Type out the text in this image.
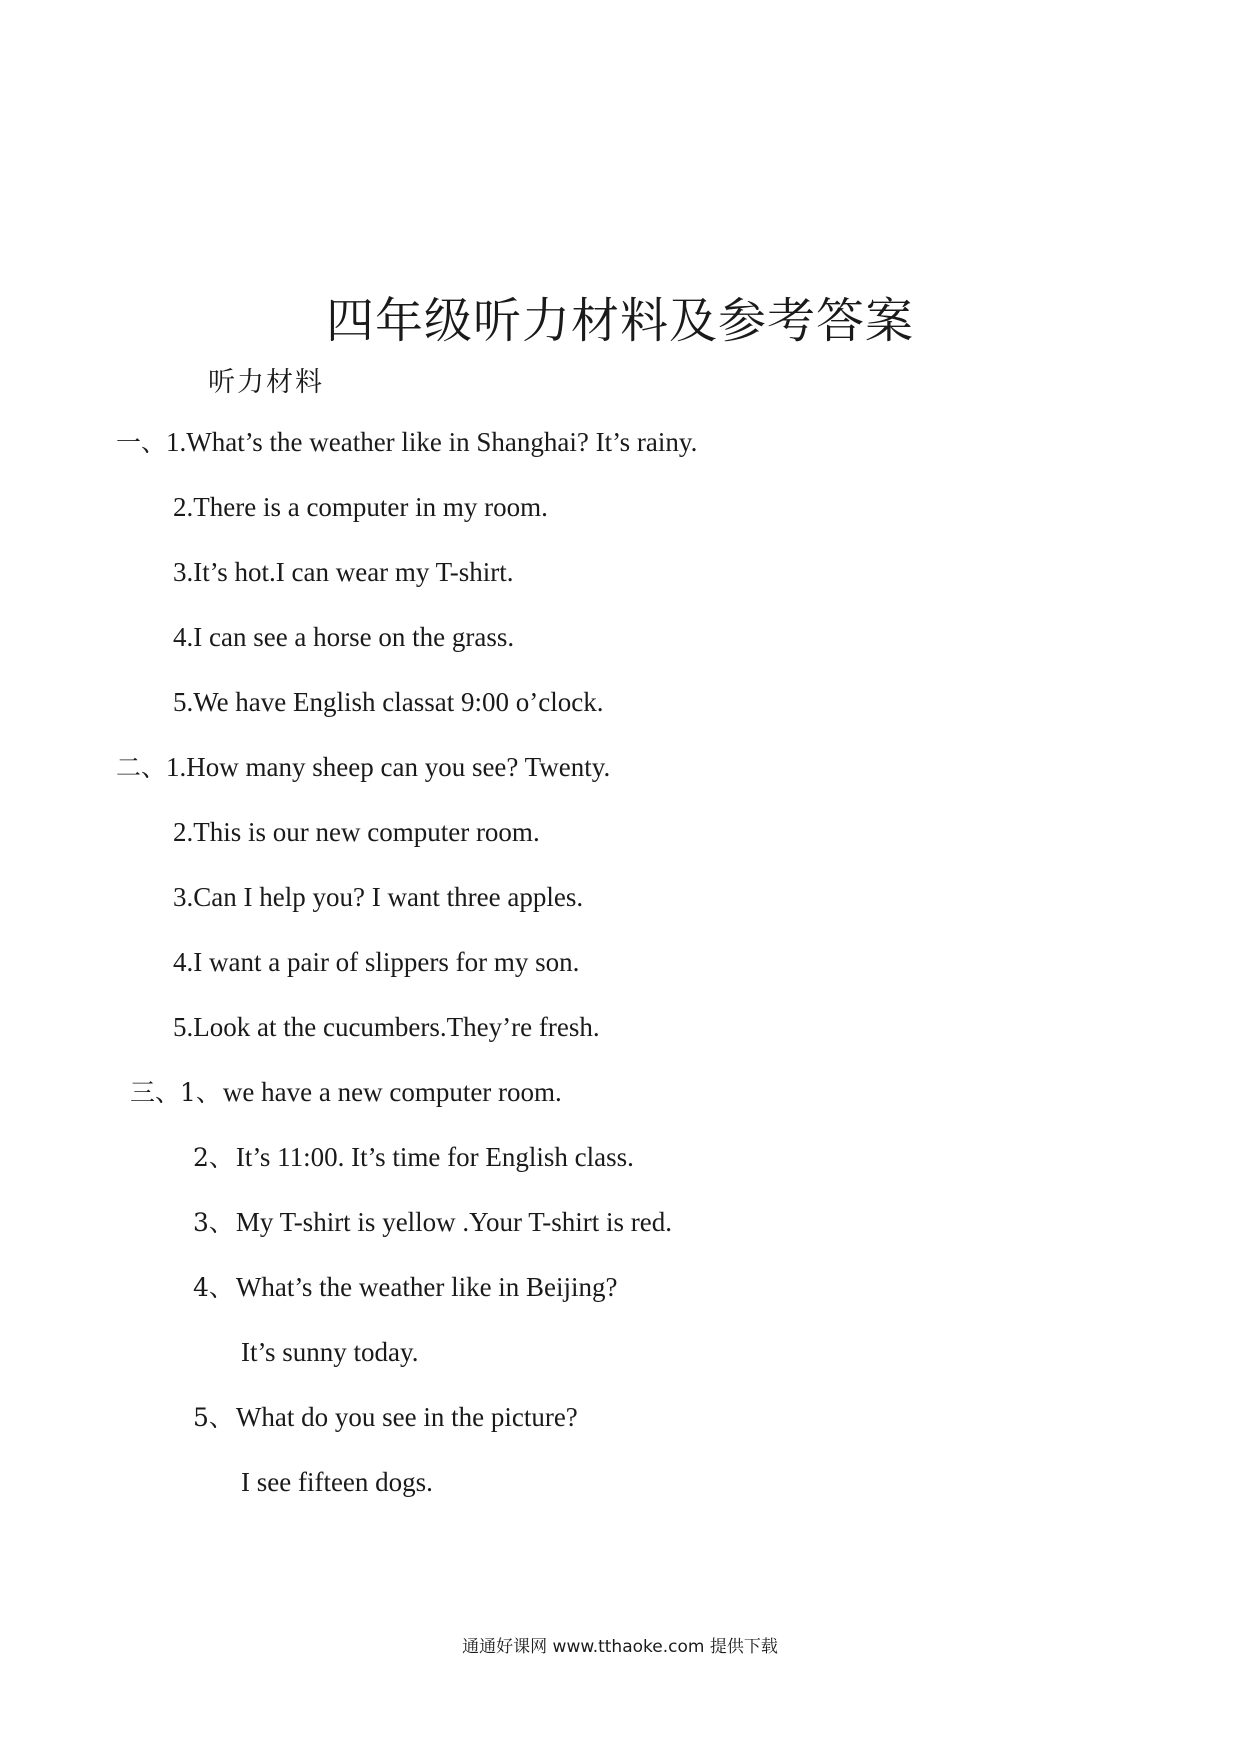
四年级听力材料及参考答案
听力材料
一、1.What’s the weather like in Shanghai? It’s rainy.
2.There is a computer in my room.
3.It’s hot.I can wear my T-shirt.
4.I can see a horse on the grass.
5.We have English classat 9:00 o’clock.
二、1.How many sheep can you see? Twenty.
2.This is our new computer room.
3.Can I help you? I want three apples.
4.I want a pair of slippers for my son.
5.Look at the cucumbers.They’re fresh.
三、1、we have a new computer room.
2、It’s 11:00. It’s time for English class.
3、My T-shirt is yellow .Your T-shirt is red.
4、What’s the weather like in Beijing?
It’s sunny today.
5、What do you see in the picture?
I see fifteen dogs.
通通好课网 www.tthaoke.com 提供下载
